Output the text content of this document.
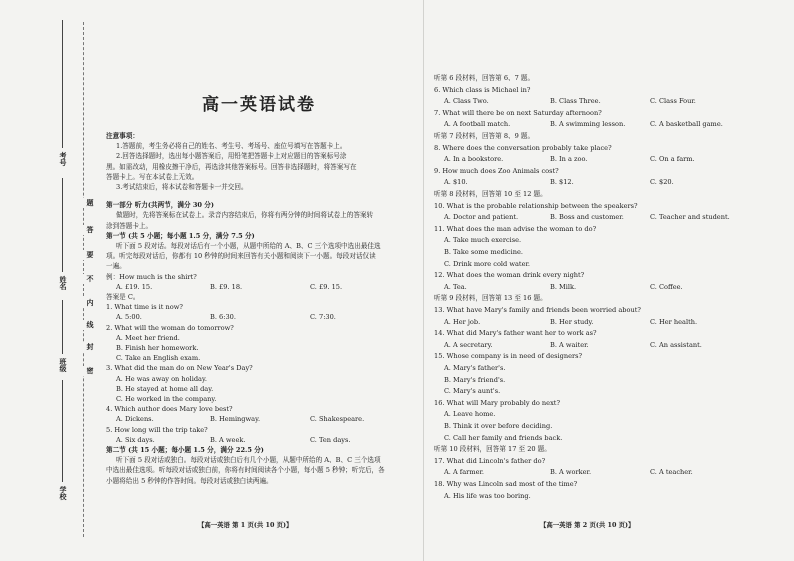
考号
姓名
班级
学校
题
答
要
不
内
线
封
密
高一英语试卷
注意事项：
1.答题前，考生务必将自己的姓名、考生号、考场号、座位号填写在答题卡上。
2.回答选择题时，选出每小题答案后，用铅笔把答题卡上对应题目的答案标号涂
黑。如需改动，用橡皮擦干净后，再选涂其他答案标号。回答非选择题时，将答案写在
答题卡上。写在本试卷上无效。
3.考试结束后，将本试卷和答题卡一并交回。
第一部分 听力(共两节，满分 30 分)
做题时，先将答案标在试卷上。录音内容结束后，你将有两分钟的时间将试卷上的答案转
涂到答题卡上。
第一节 (共 5 小题；每小题 1.5 分，满分 7.5 分)
听下面 5 段对话。每段对话后有一个小题，从题中所给的 A、B、C 三个选项中选出最佳选
项。听完每段对话后，你都有 10 秒钟的时间来回答有关小题和阅读下一小题。每段对话仅读
一遍。
例：How much is the shirt?
A. £19. 15.	B. £9. 18.	C. £9. 15.
答案是 C。
1. What time is it now?
A. 5:00.	B. 6:30.	C. 7:30.
2. What will the woman do tomorrow?
A. Meet her friend.
B. Finish her homework.
C. Take an English exam.
3. What did the man do on New Year's Day?
A. He was away on holiday.
B. He stayed at home all day.
C. He worked in the company.
4. Which author does Mary love best?
A. Dickens.	B. Hemingway.	C. Shakespeare.
5. How long will the trip take?
A. Six days.	B. A week.	C. Ten days.
第二节 (共 15 小题；每小题 1.5 分，满分 22.5 分)
听下面 5 段对话或独白。每段对话或独白后有几个小题，从题中所给的 A、B、C 三个选项
中选出最佳选项。听每段对话或独白前，你将有时间阅读各个小题，每小题 5 秒钟；听完后，各
小题将给出 5 秒钟的作答时间。每段对话或独白读两遍。
【高一英语 第 1 页(共 10 页)】
听第 6 段材料，回答第 6、7 题。
6. Which class is Michael in?
A. Class Two.	B. Class Three.	C. Class Four.
7. What will there be on next Saturday afternoon?
A. A football match.	B. A swimming lesson.	C. A basketball game.
听第 7 段材料，回答第 8、9 题。
8. Where does the conversation probably take place?
A. In a bookstore.	B. In a zoo.	C. On a farm.
9. How much does Zoo Animals cost?
A. $10.	B. $12.	C. $20.
听第 8 段材料，回答第 10 至 12 题。
10. What is the probable relationship between the speakers?
A. Doctor and patient.	B. Boss and customer.	C. Teacher and student.
11. What does the man advise the woman to do?
A. Take much exercise.
B. Take some medicine.
C. Drink more cold water.
12. What does the woman drink every night?
A. Tea.	B. Milk.	C. Coffee.
听第 9 段材料，回答第 13 至 16 题。
13. What have Mary's family and friends been worried about?
A. Her job.	B. Her study.	C. Her health.
14. What did Mary's father want her to work as?
A. A secretary.	B. A waiter.	C. An assistant.
15. Whose company is in need of designers?
A. Mary's father's.
B. Mary's friend's.
C. Mary's aunt's.
16. What will Mary probably do next?
A. Leave home.
B. Think it over before deciding.
C. Call her family and friends back.
听第 10 段材料，回答第 17 至 20 题。
17. What did Lincoln's father do?
A. A farmer.	B. A worker.	C. A teacher.
18. Why was Lincoln sad most of the time?
A. His life was too boring.
【高一英语 第 2 页(共 10 页)】
